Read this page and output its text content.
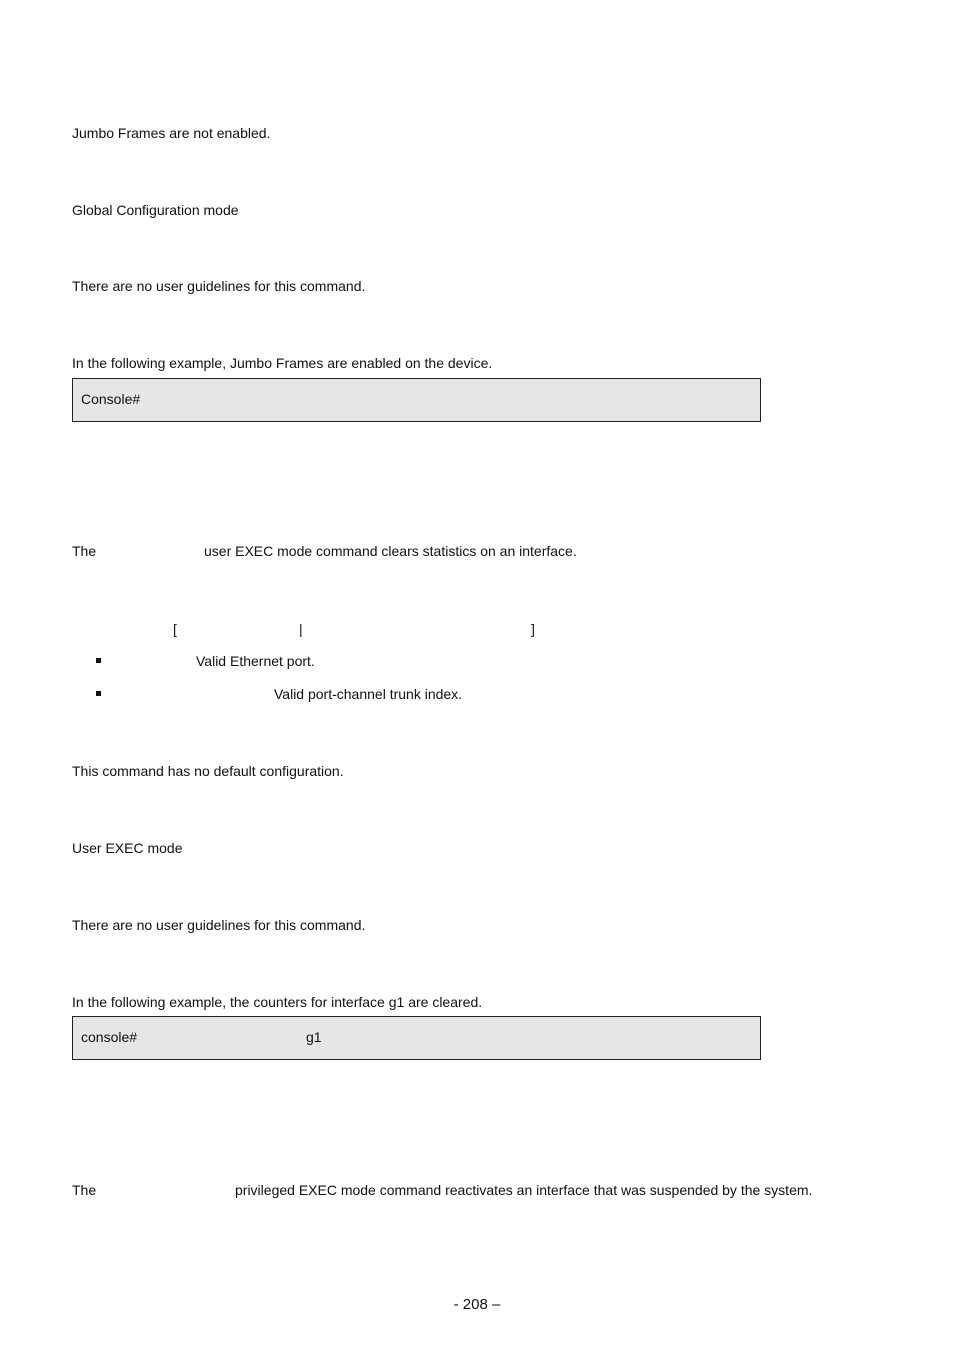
Jumbo Frames are not enabled.
Global Configuration mode
There are no user guidelines for this command.
In the following example, Jumbo Frames are enabled on the device.
Console#
The	user EXEC mode command clears statistics on an interface.
[	|	]
Valid Ethernet port.
Valid port-channel trunk index.
This command has no default configuration.
User EXEC mode
There are no user guidelines for this command.
In the following example, the counters for interface g1 are cleared.
console#	g1
The	privileged EXEC mode command reactivates an interface that was suspended by the system.
- 208 –
